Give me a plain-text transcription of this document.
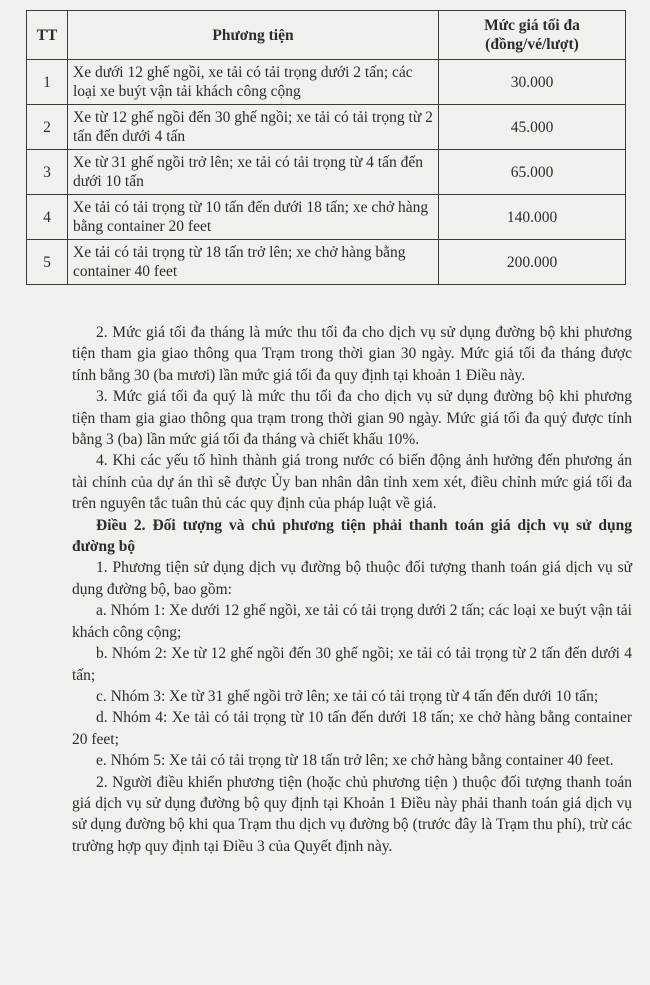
TT	Phương tiện	Mức giá tối đa
(đồng/vé/lượt)
1	Xe dưới 12 ghế ngồi, xe tải có tải trọng dưới 2 tấn; các loại xe buýt vận tải khách công cộng	30.000
2	Xe từ 12 ghế ngồi đến 30 ghế ngồi; xe tải có tải trọng từ 2 tấn đến dưới 4 tấn	45.000
3	Xe từ 31 ghế ngồi trở lên; xe tải có tải trọng từ 4 tấn đến dưới 10 tấn	65.000
4	Xe tải có tải trọng từ 10 tấn đến dưới 18 tấn; xe chở hàng bằng container 20 feet	140.000
5	Xe tải có tải trọng từ 18 tấn trở lên; xe chở hàng bằng container 40 feet	200.000

2. Mức giá tối đa tháng là mức thu tối đa cho dịch vụ sử dụng đường bộ khi phương tiện tham gia giao thông qua Trạm trong thời gian 30 ngày. Mức giá tối đa tháng được tính bằng 30 (ba mươi) lần mức giá tối đa quy định tại khoản 1 Điều này.

3. Mức giá tối đa quý là mức thu tối đa cho dịch vụ sử dụng đường bộ khi phương tiện tham gia giao thông qua trạm trong thời gian 90 ngày. Mức giá tối đa quý được tính bằng 3 (ba) lần mức giá tối đa tháng và chiết khấu 10%.

4. Khi các yếu tố hình thành giá trong nước có biến động ảnh hưởng đến phương án tài chính của dự án thì sẽ được Ủy ban nhân dân tỉnh xem xét, điều chỉnh mức giá tối đa trên nguyên tắc tuân thủ các quy định của pháp luật về giá.

Điều 2. Đối tượng và chủ phương tiện phải thanh toán giá dịch vụ sử dụng đường bộ

1. Phương tiện sử dụng dịch vụ đường bộ thuộc đối tượng thanh toán giá dịch vụ sử dụng đường bộ, bao gồm:

a. Nhóm 1: Xe dưới 12 ghế ngồi, xe tải có tải trọng dưới 2 tấn; các loại xe buýt vận tải khách công cộng;

b. Nhóm 2: Xe từ 12 ghế ngồi đến 30 ghế ngồi; xe tải có tải trọng từ 2 tấn đến dưới 4 tấn;

c. Nhóm 3: Xe từ 31 ghế ngồi trở lên; xe tải có tải trọng từ 4 tấn đến dưới 10 tấn;

d. Nhóm 4: Xe tải có tải trọng từ 10 tấn đến dưới 18 tấn; xe chở hàng bằng container 20 feet;

e. Nhóm 5: Xe tải có tải trọng từ 18 tấn trở lên; xe chở hàng bằng container 40 feet.

2. Người điều khiển phương tiện (hoặc chủ phương tiện ) thuộc đối tượng thanh toán giá dịch vụ sử dụng đường bộ quy định tại Khoản 1 Điều này phải thanh toán giá dịch vụ sử dụng đường bộ khi qua Trạm thu dịch vụ đường bộ (trước đây là Trạm thu phí), trừ các trường hợp quy định tại Điều 3 của Quyết định này.
